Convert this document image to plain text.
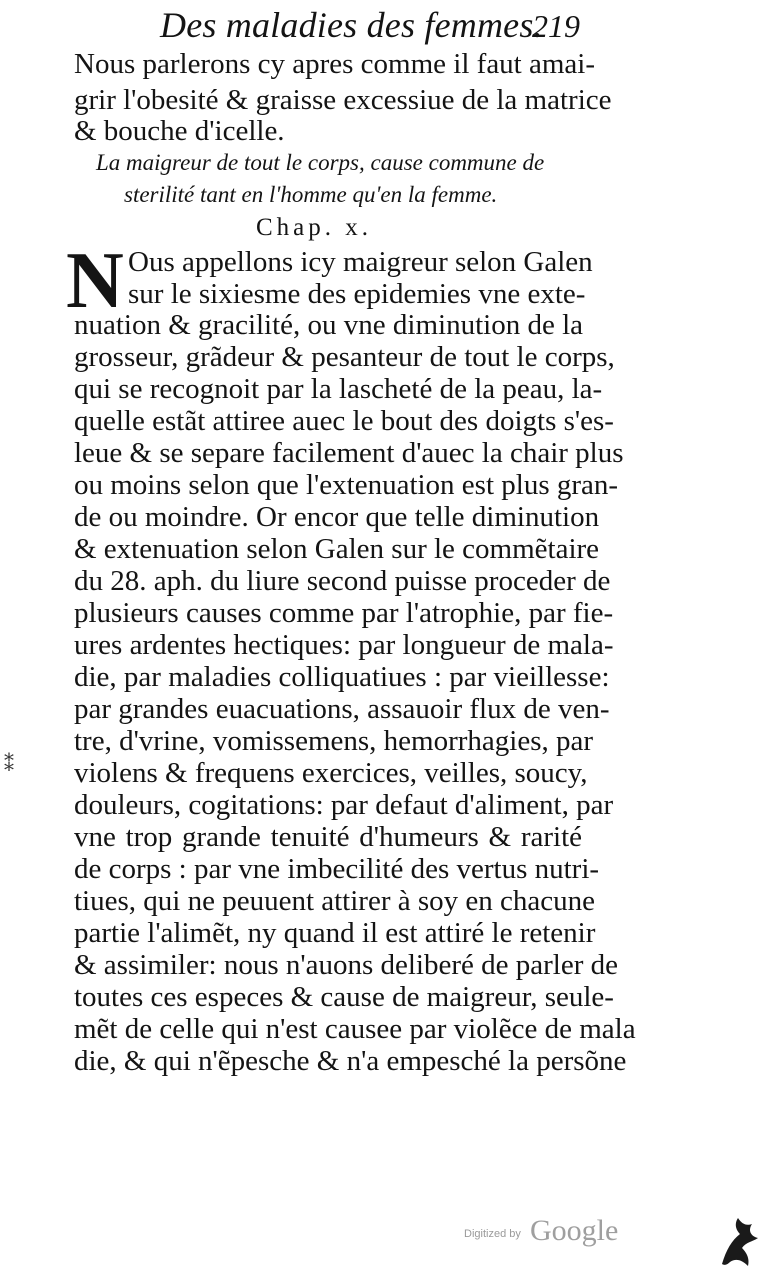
Des maladies des femmes.
219
Nous parlerons cy apres comme il faut amai-
grir l'obesité & graisse excessiue de la matrice
& bouche d'icelle.
La maigreur de tout le corps, cause commune de
sterilité tant en l'homme qu'en la femme.
Chap. x.
N Ous appellons icy maigreur selon Galen
sur le sixiesme des epidemies vne exte-
nuation & gracilité, ou vne diminution de la
grosseur, grãdeur & pesanteur de tout le corps,
qui se recognoit par la lascheté de la peau, la-
quelle estãt attiree auec le bout des doigts s'es-
leue & se separe facilement d'auec la chair plus
ou moins selon que l'extenuation est plus gran-
de ou moindre. Or encor que telle diminution
& extenuation selon Galen sur le commẽtaire
du 28. aph. du liure second puisse proceder de
plusieurs causes comme par l'atrophie, par fie-
ures ardentes hectiques: par longueur de mala-
die, par maladies colliquatiues : par vieillesse:
par grandes euacuations, assauoir flux de ven-
tre, d'vrine, vomissemens, hemorrhagies, par
violens & frequens exercices, veilles, soucy,
douleurs, cogitations: par defaut d'aliment, par
vne trop grande tenuité d'humeurs & rarité
de corps : par vne imbecilité des vertus nutri-
tiues, qui ne peuuent attirer à soy en chacune
partie l'alimẽt, ny quand il est attiré le retenir
& assimiler: nous n'auons deliberé de parler de
toutes ces especes & cause de maigreur, seule-
mẽt de celle qui n'est causee par violẽce de mala
die, & qui n'ẽpesche & n'a empesché la persõne
⁑
Digitized by Google
